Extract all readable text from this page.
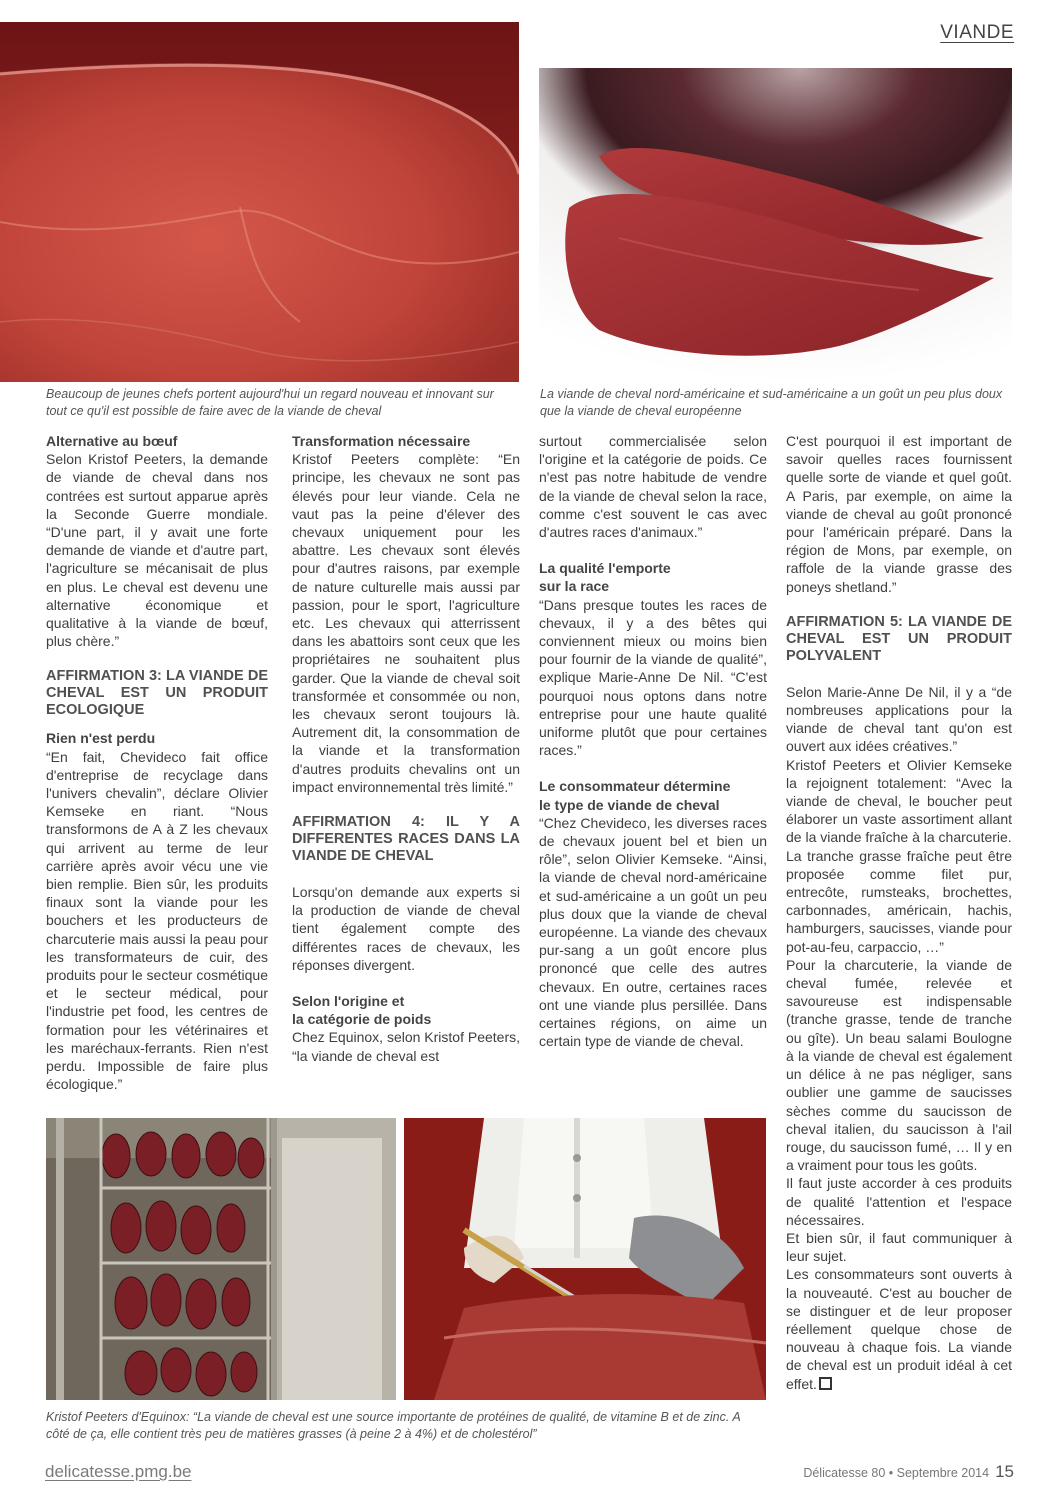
VIANDE
Beaucoup de jeunes chefs portent aujourd'hui un regard nouveau et innovant sur tout ce qu'il est possible de faire avec de la viande de cheval
La viande de cheval nord-américaine et sud-américaine a un goût un peu plus doux que la viande de cheval européenne

Alternative au bœuf

Selon Kristof Peeters, la demande de viande de cheval dans nos contrées est surtout apparue après la Seconde Guerre mondiale. “D'une part, il y avait une forte demande de viande et d'autre part, l'agriculture se mécanisait de plus en plus. Le cheval est devenu une alternative économique et qualitative à la viande de bœuf, plus chère.”

AFFIRMATION 3: LA VIANDE DE CHEVAL EST UN PRODUIT ECOLOGIQUE

Rien n'est perdu

“En fait, Chevideco fait office d'entreprise de recyclage dans l'univers chevalin”, déclare Olivier Kemseke en riant. “Nous transformons de A à Z les chevaux qui arrivent au terme de leur carrière après avoir vécu une vie bien remplie. Bien sûr, les produits finaux sont la viande pour les bouchers et les producteurs de charcuterie mais aussi la peau pour les transformateurs de cuir, des produits pour le secteur cosmétique et le secteur médical, pour l'industrie pet food, les centres de formation pour les vétérinaires et les maréchaux-ferrants. Rien n'est perdu. Impossible de faire plus écologique.”

Transformation nécessaire

Kristof Peeters complète: “En principe, les chevaux ne sont pas élevés pour leur viande. Cela ne vaut pas la peine d'élever des chevaux uniquement pour les abattre. Les chevaux sont élevés pour d'autres raisons, par exemple de nature culturelle mais aussi par passion, pour le sport, l'agriculture etc. Les chevaux qui atterrissent dans les abattoirs sont ceux que les propriétaires ne souhaitent plus garder. Que la viande de cheval soit transformée et consommée ou non, les chevaux seront toujours là. Autrement dit, la consommation de la viande et la transformation d'autres produits chevalins ont un impact environnemental très limité.”

AFFIRMATION 4: IL Y A DIFFERENTES RACES DANS LA VIANDE DE CHEVAL

Lorsqu'on demande aux experts si la production de viande de cheval tient également compte des différentes races de chevaux, les réponses divergent.

Selon l'origine et

la catégorie de poids

Chez Equinox, selon Kristof Peeters, “la viande de cheval est

surtout commercialisée selon l'origine et la catégorie de poids. Ce n'est pas notre habitude de vendre de la viande de cheval selon la race, comme c'est souvent le cas avec d'autres races d'animaux.”

La qualité l'emporte

sur la race

“Dans presque toutes les races de chevaux, il y a des bêtes qui conviennent mieux ou moins bien pour fournir de la viande de qualité”, explique Marie-Anne De Nil. “C'est pourquoi nous optons dans notre entreprise pour une haute qualité uniforme plutôt que pour certaines races.”

Le consommateur détermine

le type de viande de cheval

“Chez Chevideco, les diverses races de chevaux jouent bel et bien un rôle”, selon Olivier Kemseke. “Ainsi, la viande de cheval nord-américaine et sud-américaine a un goût un peu plus doux que la viande de cheval européenne. La viande des chevaux pur-sang a un goût encore plus prononcé que celle des autres chevaux. En outre, certaines races ont une viande plus persillée. Dans certaines régions, on aime un certain type de viande de cheval.

C'est pourquoi il est important de savoir quelles races fournissent quelle sorte de viande et quel goût. A Paris, par exemple, on aime la viande de cheval au goût prononcé pour l'américain préparé. Dans la région de Mons, par exemple, on raffole de la viande grasse des poneys shetland.”

AFFIRMATION 5: LA VIANDE DE CHEVAL EST UN PRODUIT POLYVALENT

Selon Marie-Anne De Nil, il y a “de nombreuses applications pour la viande de cheval tant qu'on est ouvert aux idées créatives.”

Kristof Peeters et Olivier Kemseke la rejoignent totalement: “Avec la viande de cheval, le boucher peut élaborer un vaste assortiment allant de la viande fraîche à la charcuterie.

La tranche grasse fraîche peut être proposée comme filet pur, entrecôte, rumsteaks, brochettes, carbonnades, américain, hachis, hamburgers, saucisses, viande pour pot-au-feu, carpaccio, …”

Pour la charcuterie, la viande de cheval fumée, relevée et savoureuse est indispensable (tranche grasse, tende de tranche ou gîte). Un beau salami Boulogne à la viande de cheval est également un délice à ne pas négliger, sans oublier une gamme de saucisses sèches comme du saucisson de cheval italien, du saucisson à l'ail rouge, du saucisson fumé, … Il y en a vraiment pour tous les goûts.

Il faut juste accorder à ces produits de qualité l'attention et l'espace nécessaires.

Et bien sûr, il faut communiquer à leur sujet.

Les consommateurs sont ouverts à la nouveauté. C'est au boucher de se distinguer et de leur proposer réellement quelque chose de nouveau à chaque fois. La viande de cheval est un produit idéal à cet effet.

Kristof Peeters d'Equinox: “La viande de cheval est une source importante de protéines de qualité, de vitamine B et de zinc. A côté de ça, elle contient très peu de matières grasses (à peine 2 à 4%) et de cholestérol”
delicatesse.pmg.be	Délicatesse 80 • Septembre 2014 15
